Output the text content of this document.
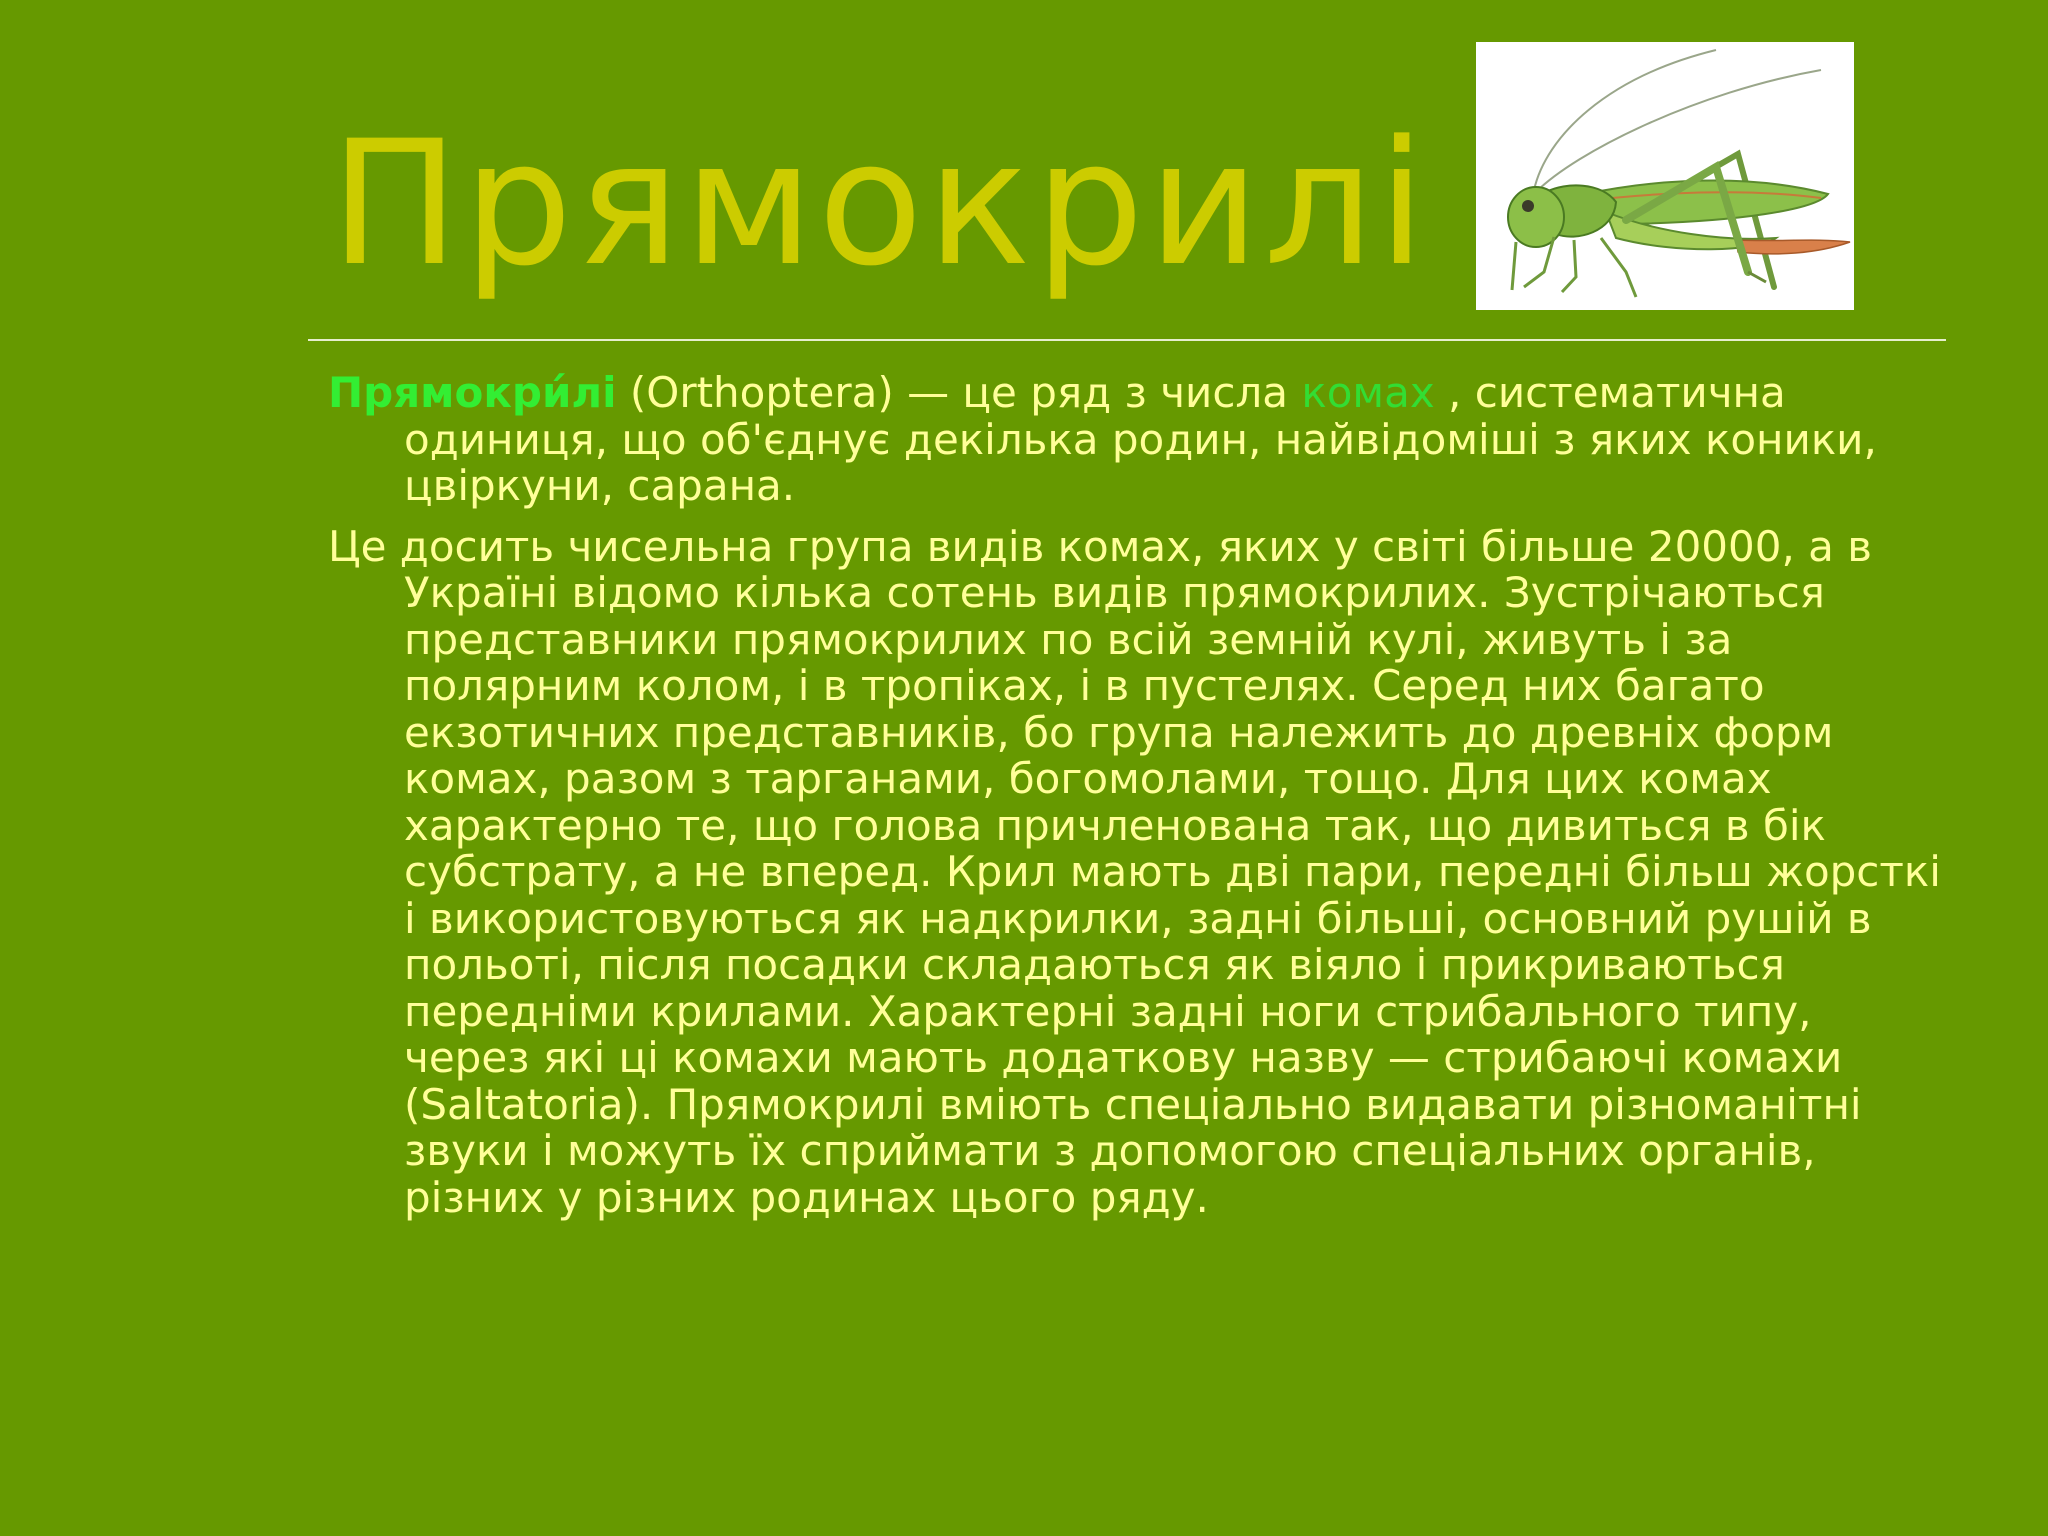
Прямокрилі

Прямокри́лі (Orthoptera) — це ряд з числа комах , систематична одиниця, що об'єднує декілька родин, найвідоміші з яких коники, цвіркуни, сарана.

Це досить чисельна група видів комах, яких у світі більше 20000, а в Україні відомо кілька сотень видів прямокрилих. Зустрічаються представники прямокрилих по всій земній кулі, живуть і за полярним колом, і в тропіках, і в пустелях. Серед них багато екзотичних представників, бо група належить до древніх форм комах, разом з тарганами, богомолами, тощо. Для цих комах характерно те, що голова причленована так, що дивиться в бік субстрату, а не вперед. Крил мають дві пари, передні більш жорсткі і використовуються як надкрилки, задні більші, основний рушій в польоті, після посадки складаються як віяло і прикриваються передніми крилами. Характерні задні ноги стрибального типу, через які ці комахи мають додаткову назву — стрибаючі комахи (Saltatoria). Прямокрилі вміють спеціально видавати різноманітні звуки і можуть їх сприймати з допомогою спеціальних органів, різних у різних родинах цього ряду.
